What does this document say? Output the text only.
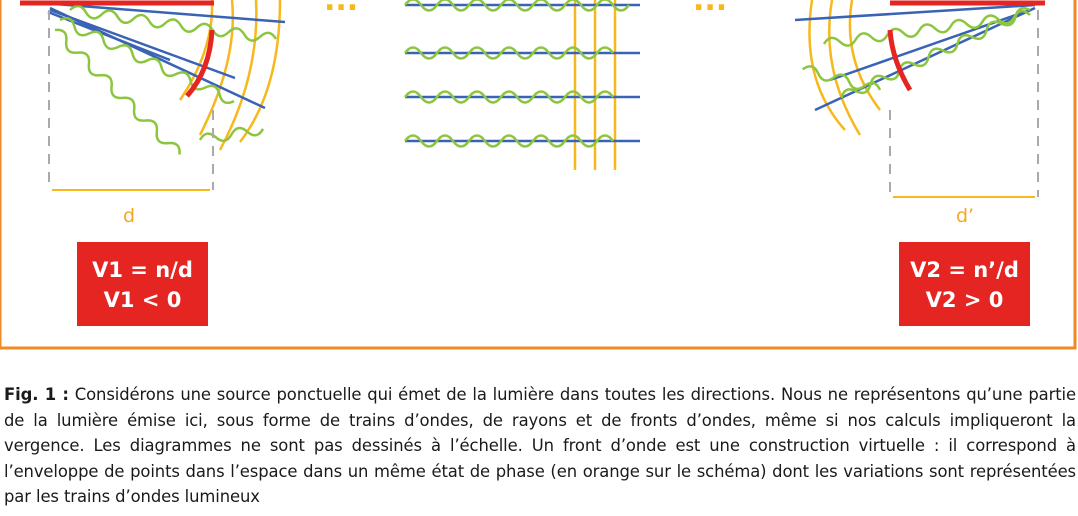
...	...
d	d’
V1 = n/d
V1 < 0
V2 = n’/d
V2 > 0
Fig. 1 : Considérons une source ponctuelle qui émet de la lumière dans toutes les directions. Nous ne représentons qu’une partie de la lumière émise ici, sous forme de trains d’ondes, de rayons et de fronts d’ondes, même si nos calculs impliqueront la vergence. Les diagrammes ne sont pas dessinés à l’échelle. Un front d’onde est une construction virtuelle : il correspond à l’enveloppe de points dans l’espace dans un même état de phase (en orange sur le schéma) dont les variations sont représentées par les trains d’ondes lumineux
